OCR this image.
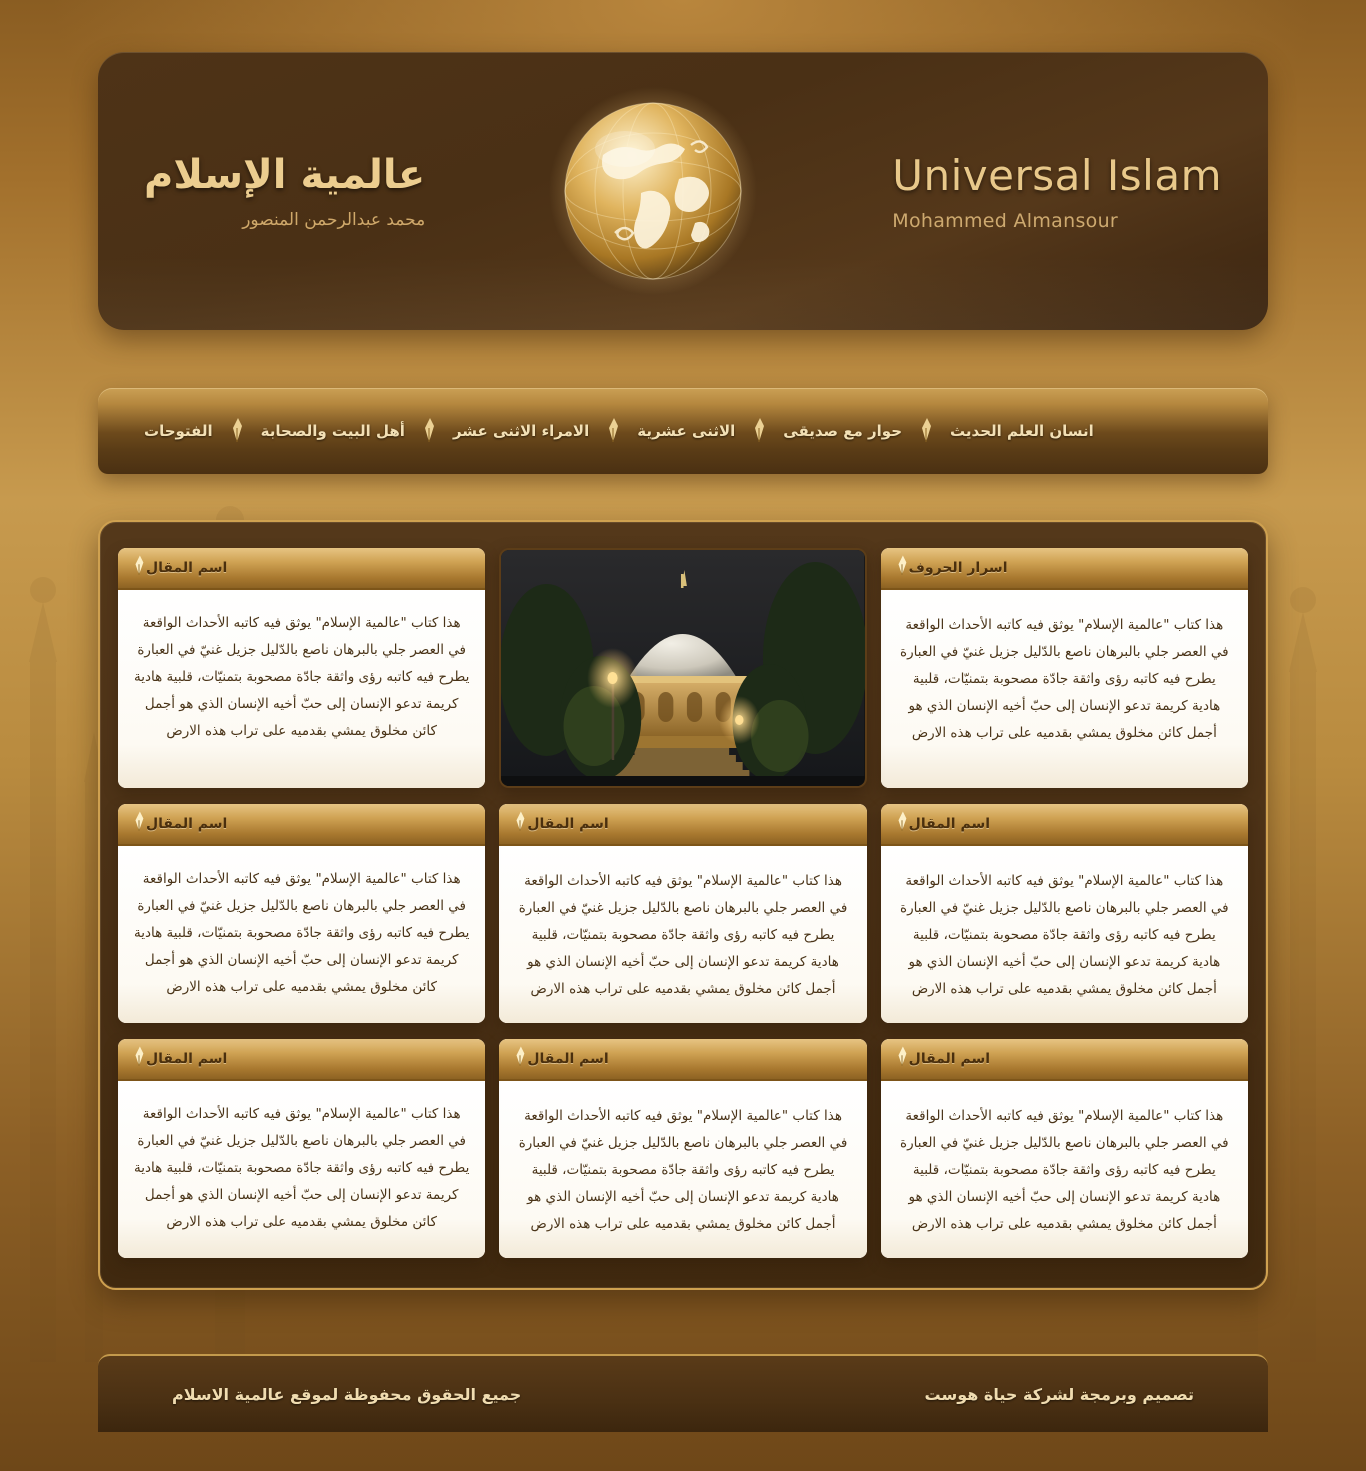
Universal Islam
Mohammed Almansour
عالمية الإسلام
محمد عبدالرحمن المنصور
الفتوحات	أهل البيت والصحابة	الامراء الاثنى عشر	الاثنى عشرية	حوار مع صديقى	انسان العلم الحديث
اسرار الحروف
هذا كتاب "عالمية الإسلام" يوثق فيه كاتبه الأحداث الواقعة في العصر جلي بالبرهان ناصع بالدّليل جزيل غنيّ في العبارة يطرح فيه كاتبه رؤى واثقة جادّة مصحوبة بتمنيّات، قلبية هادية كريمة تدعو الإنسان إلى حبّ أخيه الإنسان الذي هو أجمل كائن مخلوق يمشي بقدميه على تراب هذه الارض
اسم المقال
هذا كتاب "عالمية الإسلام" يوثق فيه كاتبه الأحداث الواقعة في العصر جلي بالبرهان ناصع بالدّليل جزيل غنيّ في العبارة يطرح فيه كاتبه رؤى واثقة جادّة مصحوبة بتمنيّات، قلبية هادية كريمة تدعو الإنسان إلى حبّ أخيه الإنسان الذي هو أجمل كائن مخلوق يمشي بقدميه على تراب هذه الارض
اسم المقال
هذا كتاب "عالمية الإسلام" يوثق فيه كاتبه الأحداث الواقعة في العصر جلي بالبرهان ناصع بالدّليل جزيل غنيّ في العبارة يطرح فيه كاتبه رؤى واثقة جادّة مصحوبة بتمنيّات، قلبية هادية كريمة تدعو الإنسان إلى حبّ أخيه الإنسان الذي هو أجمل كائن مخلوق يمشي بقدميه على تراب هذه الارض
اسم المقال
هذا كتاب "عالمية الإسلام" يوثق فيه كاتبه الأحداث الواقعة في العصر جلي بالبرهان ناصع بالدّليل جزيل غنيّ في العبارة يطرح فيه كاتبه رؤى واثقة جادّة مصحوبة بتمنيّات، قلبية هادية كريمة تدعو الإنسان إلى حبّ أخيه الإنسان الذي هو أجمل كائن مخلوق يمشي بقدميه على تراب هذه الارض
اسم المقال
هذا كتاب "عالمية الإسلام" يوثق فيه كاتبه الأحداث الواقعة في العصر جلي بالبرهان ناصع بالدّليل جزيل غنيّ في العبارة يطرح فيه كاتبه رؤى واثقة جادّة مصحوبة بتمنيّات، قلبية هادية كريمة تدعو الإنسان إلى حبّ أخيه الإنسان الذي هو أجمل كائن مخلوق يمشي بقدميه على تراب هذه الارض
اسم المقال
هذا كتاب "عالمية الإسلام" يوثق فيه كاتبه الأحداث الواقعة في العصر جلي بالبرهان ناصع بالدّليل جزيل غنيّ في العبارة يطرح فيه كاتبه رؤى واثقة جادّة مصحوبة بتمنيّات، قلبية هادية كريمة تدعو الإنسان إلى حبّ أخيه الإنسان الذي هو أجمل كائن مخلوق يمشي بقدميه على تراب هذه الارض
اسم المقال
هذا كتاب "عالمية الإسلام" يوثق فيه كاتبه الأحداث الواقعة في العصر جلي بالبرهان ناصع بالدّليل جزيل غنيّ في العبارة يطرح فيه كاتبه رؤى واثقة جادّة مصحوبة بتمنيّات، قلبية هادية كريمة تدعو الإنسان إلى حبّ أخيه الإنسان الذي هو أجمل كائن مخلوق يمشي بقدميه على تراب هذه الارض
اسم المقال
هذا كتاب "عالمية الإسلام" يوثق فيه كاتبه الأحداث الواقعة في العصر جلي بالبرهان ناصع بالدّليل جزيل غنيّ في العبارة يطرح فيه كاتبه رؤى واثقة جادّة مصحوبة بتمنيّات، قلبية هادية كريمة تدعو الإنسان إلى حبّ أخيه الإنسان الذي هو أجمل كائن مخلوق يمشي بقدميه على تراب هذه الارض
جميع الحقوق محفوظة لموقع عالمية الاسلام	تصميم وبرمجة لشركة حياة هوست
